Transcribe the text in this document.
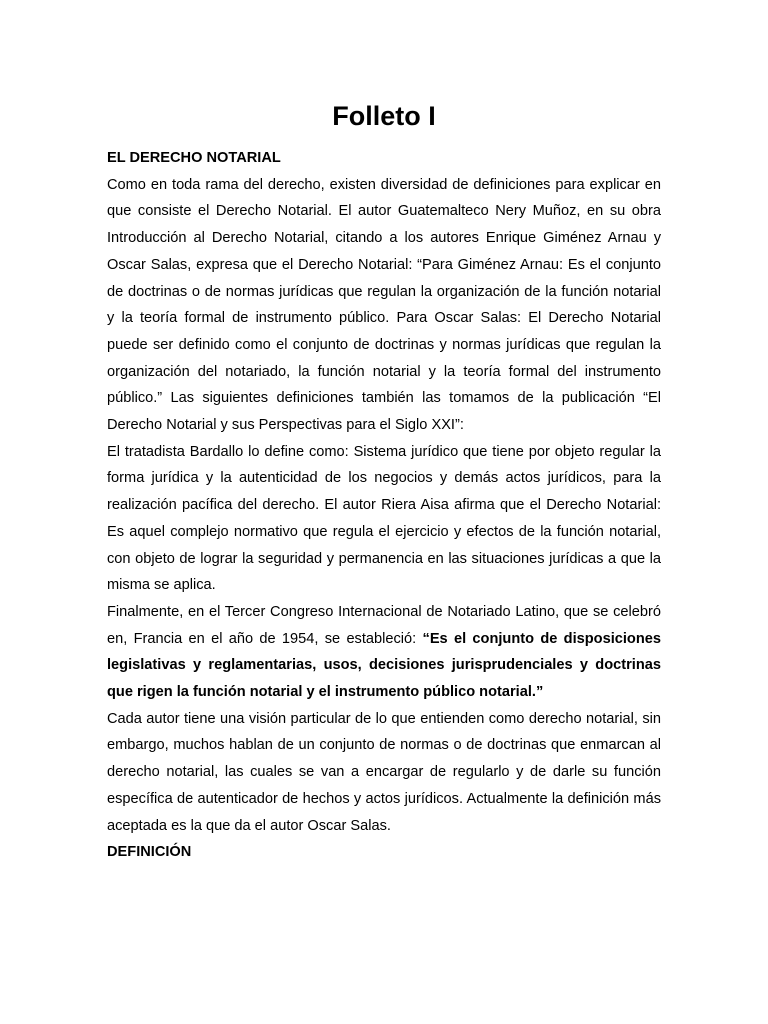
Folleto I

EL DERECHO NOTARIAL

Como en toda rama del derecho, existen diversidad de definiciones para explicar en que consiste el Derecho Notarial. El autor Guatemalteco Nery Muñoz, en su obra Introducción al Derecho Notarial, citando a los autores Enrique Giménez Arnau y Oscar Salas, expresa que el Derecho Notarial: “Para Giménez Arnau: Es el conjunto de doctrinas o de normas jurídicas que regulan la organización de la función notarial y la teoría formal de instrumento público. Para Oscar Salas: El Derecho Notarial puede ser definido como el conjunto de doctrinas y normas jurídicas que regulan la organización del notariado, la función notarial y la teoría formal del instrumento público.” Las siguientes definiciones también las tomamos de la publicación “El Derecho Notarial y sus Perspectivas para el Siglo XXI”:

El tratadista Bardallo lo define como: Sistema jurídico que tiene por objeto regular la forma jurídica y la autenticidad de los negocios y demás actos jurídicos, para la realización pacífica del derecho. El autor Riera Aisa afirma que el Derecho Notarial: Es aquel complejo normativo que regula el ejercicio y efectos de la función notarial, con objeto de lograr la seguridad y permanencia en las situaciones jurídicas a que la misma se aplica.

Finalmente, en el Tercer Congreso Internacional de Notariado Latino, que se celebró en, Francia en el año de 1954, se estableció: “Es el conjunto de disposiciones legislativas y reglamentarias, usos, decisiones jurisprudenciales y doctrinas que rigen la función notarial y el instrumento público notarial.”

Cada autor tiene una visión particular de lo que entienden como derecho notarial, sin embargo, muchos hablan de un conjunto de normas o de doctrinas que enmarcan al derecho notarial, las cuales se van a encargar de regularlo y de darle su función específica de autenticador de hechos y actos jurídicos. Actualmente la definición más aceptada es la que da el autor Oscar Salas.

DEFINICIÓN
